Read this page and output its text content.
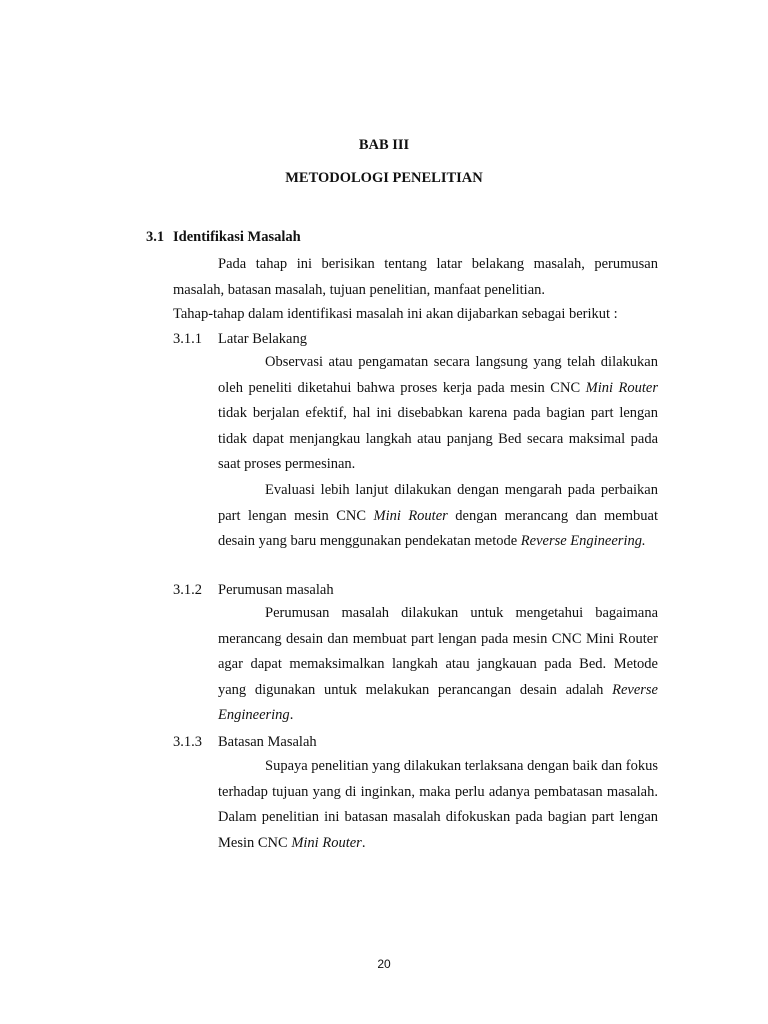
BAB III
METODOLOGI PENELITIAN
3.1 Identifikasi Masalah

Pada tahap ini berisikan tentang latar belakang masalah, perumusan masalah, batasan masalah, tujuan penelitian, manfaat penelitian.

Tahap-tahap dalam identifikasi masalah ini akan dijabarkan sebagai berikut :
3.1.1 Latar Belakang

Observasi atau pengamatan secara langsung yang telah dilakukan oleh peneliti diketahui bahwa proses kerja pada mesin CNC Mini Router tidak berjalan efektif, hal ini disebabkan karena pada bagian part lengan tidak dapat menjangkau langkah atau panjang Bed secara maksimal pada saat proses permesinan.

Evaluasi lebih lanjut dilakukan dengan mengarah pada perbaikan part lengan mesin CNC Mini Router dengan merancang dan membuat desain yang baru menggunakan pendekatan metode Reverse Engineering.

3.1.2 Perumusan masalah

Perumusan masalah dilakukan untuk mengetahui bagaimana merancang desain dan membuat part lengan pada mesin CNC Mini Router agar dapat memaksimalkan langkah atau jangkauan pada Bed. Metode yang digunakan untuk melakukan perancangan desain adalah Reverse Engineering.

3.1.3 Batasan Masalah

Supaya penelitian yang dilakukan terlaksana dengan baik dan fokus terhadap tujuan yang di inginkan, maka perlu adanya pembatasan masalah. Dalam penelitian ini batasan masalah difokuskan pada bagian part lengan Mesin CNC Mini Router.

20
